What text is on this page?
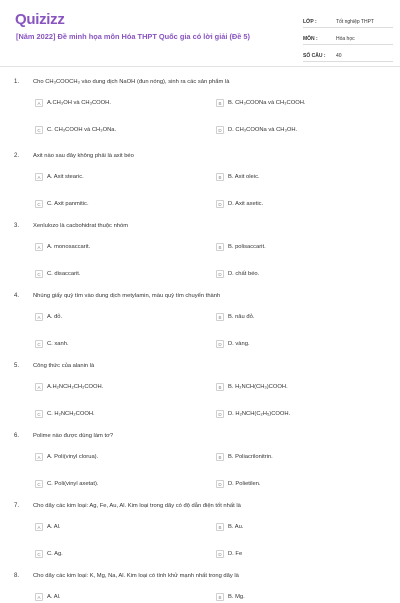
Quizizz
[Năm 2022] Đề minh họa môn Hóa THPT Quốc gia có lời giải (Đề 5)
LỚP :	Tốt nghiệp THPT
MÔN :	Hóa học
SỐ CÂU :	40
1. Cho CH₃COOCH₃ vào dung dịch NaOH (đun nóng), sinh ra các sản phẩm là
A	A.CH₃OH và CH₃COOH.	B	B. CH₃COONa và CH₃COOH.
C	C. CH₃COOH và CH₃ONa.	D	D. CH₃COONa và CH₃OH.
2. Axit nào sau đây không phải là axit béo
A	A. Axit stearic.	B	B. Axit oleic.
C	C. Axit panmitic.	D	D. Axit axetic.
3. Xenlulozo là cacbohidrat thuộc nhóm
A	A. monosaccarit.	B	B. polisaccarit.
C	C. disaccarit.	D	D. chất béo.
4. Nhúng giấy quỳ tím vào dung dịch metylamin, màu quỳ tím chuyển thành
A	A. đỏ.	B	B. nâu đỏ.
C	C. xanh.	D	D. vàng.
5. Công thức của alanin là
A	A.H₂NCH₂CH₂COOH.	B	B. H₂NCH(CH₃)COOH.
C	C. H₂NCH₂COOH.	D	D. H₂NCH(C₂H₅)COOH.
6. Polime nào được dùng làm tơ?
A	A. Poli(vinyl clorua).	B	B. Poliacrilonitrin.
C	C. Poli(vinyl axetat).	D	D. Polietilen.
7. Cho dãy các kim loại: Ag, Fe, Au, Al. Kim loại trong dãy có độ dẫn điện tốt nhất là
A	A. Al.	B	B. Au.
C	C. Ag.	D	D. Fe
8. Cho dãy các kim loại: K, Mg, Na, Al. Kim loại có tính khử mạnh nhất trong dãy là
A	A. Al.	B	B. Mg.
